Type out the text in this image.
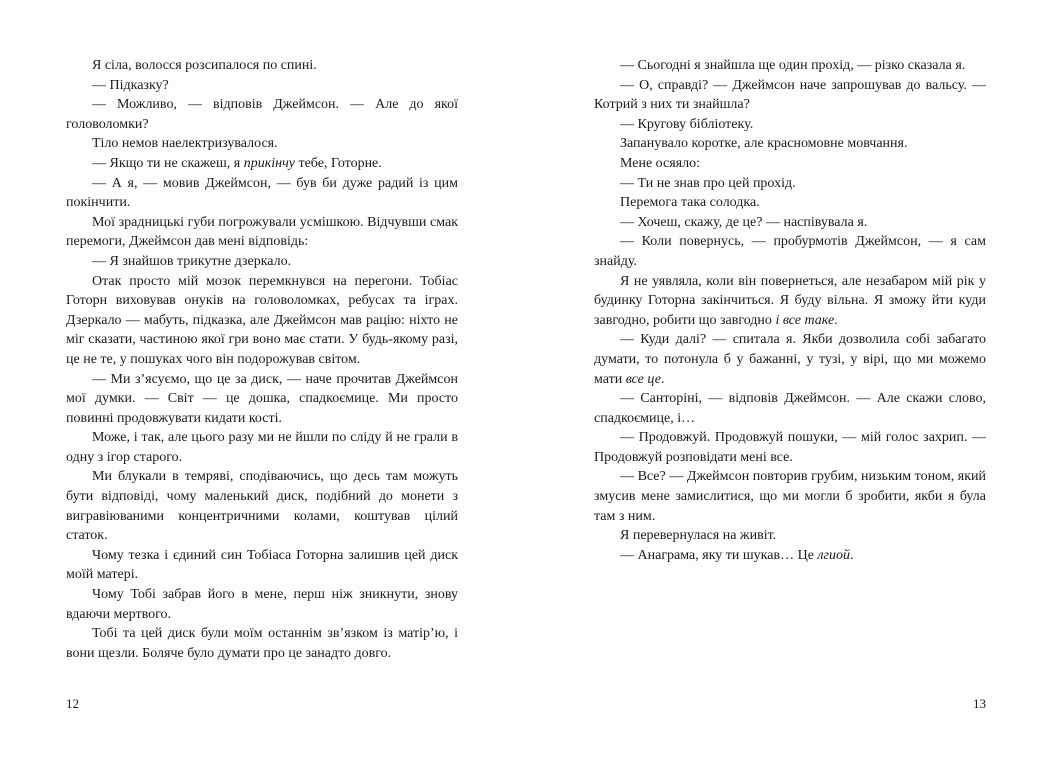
Я сіла, волосся розсипалося по спині.

— Підказку?

— Можливо, — відповів Джеймсон. — Але до якої головоломки?

Тіло немов наелектризувалося.

— Якщо ти не скажеш, я прикінчу тебе, Готорне.

— А я, — мовив Джеймсон, — був би дуже радий із цим покінчити.

Мої зрадницькі губи погрожували усмішкою. Відчувши смак перемоги, Джеймсон дав мені відповідь:

— Я знайшов трикутне дзеркало.

Отак просто мій мозок перемкнувся на перегони. Тобіас Готорн виховував онуків на головоломках, ребусах та іграх. Дзеркало — мабуть, підказка, але Джеймсон мав рацію: ніхто не міг сказати, частиною якої гри воно має стати. У будь-якому разі, це не те, у пошуках чого він подорожував світом.

— Ми з’ясуємо, що це за диск, — наче прочитав Джеймсон мої думки. — Світ — це дошка, спадкоємице. Ми просто повинні продовжувати кидати кості.

Може, і так, але цього разу ми не йшли по сліду й не грали в одну з ігор старого.

Ми блукали в темряві, сподіваючись, що десь там можуть бути відповіді, чому маленький диск, подібний до монети з вигравіюваними концентричними колами, коштував цілий статок.

Чому тезка і єдиний син Тобіаса Готорна залишив цей диск моїй матері.

Чому Тобі забрав його в мене, перш ніж зникнути, знову вдаючи мертвого.

Тобі та цей диск були моїм останнім зв’язком із матір’ю, і вони щезли. Боляче було думати про це занадто довго.

— Сьогодні я знайшла ще один прохід, — різко сказала я.

— О, справді? — Джеймсон наче запрошував до вальсу. — Котрий з них ти знайшла?

— Кругову бібліотеку.

Запанувало коротке, але красномовне мовчання.

Мене осяяло:

— Ти не знав про цей прохід.

Перемога така солодка.

— Хочеш, скажу, де це? — наспівувала я.

— Коли повернусь, — пробурмотів Джеймсон, — я сам знайду.

Я не уявляла, коли він повернеться, але незабаром мій рік у будинку Готорна закінчиться. Я буду вільна. Я зможу йти куди завгодно, робити що завгодно і все таке.

— Куди далі? — спитала я. Якби дозволила собі забагато думати, то потонула б у бажанні, у тузі, у вірі, що ми можемо мати все це.

— Санторіні, — відповів Джеймсон. — Але скажи слово, спадкоємице, і…

— Продовжуй. Продовжуй пошуки, — мій голос захрип. — Продовжуй розповідати мені все.

— Все? — Джеймсон повторив грубим, низьким тоном, який змусив мене замислитися, що ми могли б зробити, якби я була там з ним.

Я перевернулася на живіт.

— Анаграма, яку ти шукав… Це лгиой.

12	13
